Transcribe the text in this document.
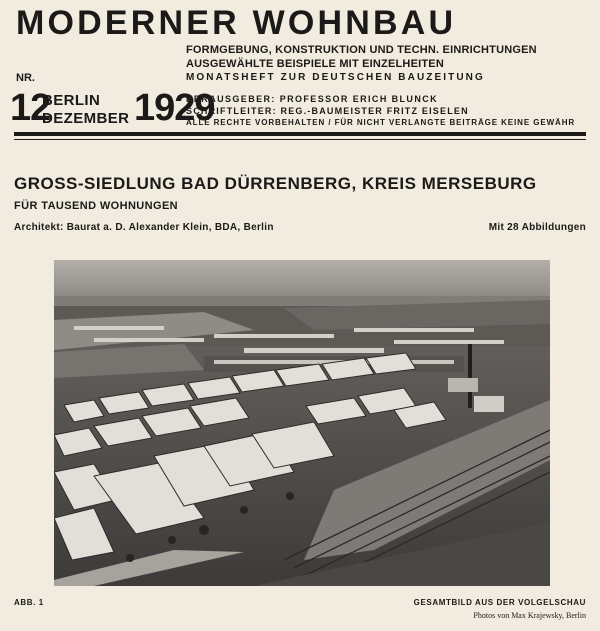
MODERNER WOHNBAU
FORMGEBUNG, KONSTRUKTION UND TECHN. EINRICHTUNGEN
AUSGEWÄHLTE BEISPIELE MIT EINZELHEITEN
MONATSHEFT ZUR DEUTSCHEN BAUZEITUNG
NR.
12
BERLIN
DEZEMBER 1929
HERAUSGEBER: PROFESSOR ERICH BLUNCK
SCHRIFTLEITER: REG.-BAUMEISTER FRITZ EISELEN
ALLE RECHTE VORBEHALTEN / FÜR NICHT VERLANGTE BEITRÄGE KEINE GEWÄHR
GROSS-SIEDLUNG BAD DÜRRENBERG, KREIS MERSEBURG
FÜR TAUSEND WOHNUNGEN
Architekt: Baurat a. D. Alexander Klein, BDA, Berlin	Mit 28 Abbildungen
ABB. 1	GESAMTBILD AUS DER VOLGELSCHAU
Photos von Max Krajewsky, Berlin
